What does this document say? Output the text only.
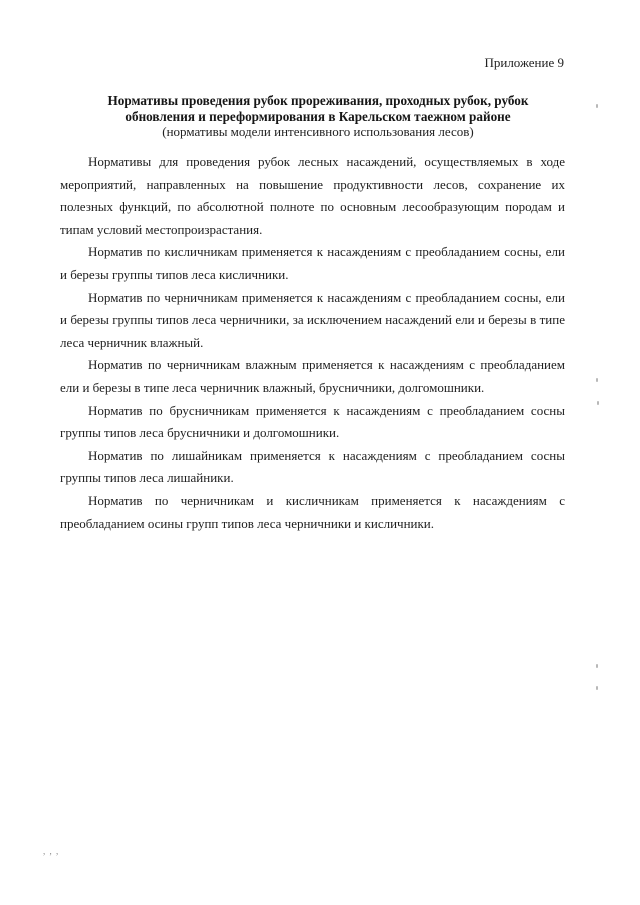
Приложение 9
Нормативы проведения рубок прореживания, проходных рубок, рубок
обновления и переформирования в Карельском таежном районе
(нормативы модели интенсивного использования лесов)

Нормативы для проведения рубок лесных насаждений, осуществляемых в ходе мероприятий, направленных на повышение продуктивности лесов, сохранение их полезных функций, по абсолютной полноте по основным лесообразующим породам и типам условий местопроизрастания.

Норматив по кисличникам применяется к насаждениям с преобладанием сосны, ели и березы группы типов леса кисличники.

Норматив по черничникам применяется к насаждениям с преобладанием сосны, ели и березы группы типов леса черничники, за исключением насаждений ели и березы в типе леса черничник влажный.

Норматив по черничникам влажным применяется к насаждениям с преобладанием ели и березы в типе леса черничник влажный, брусничники, долгомошники.

Норматив по брусничникам применяется к насаждениям с преобладанием сосны группы типов леса брусничники и долгомошники.

Норматив по лишайникам применяется к насаждениям с преобладанием сосны группы типов леса лишайники.

Норматив по черничникам и кисличникам применяется к насаждениям с преобладанием осины групп типов леса черничники и кисличники.

, , ,
